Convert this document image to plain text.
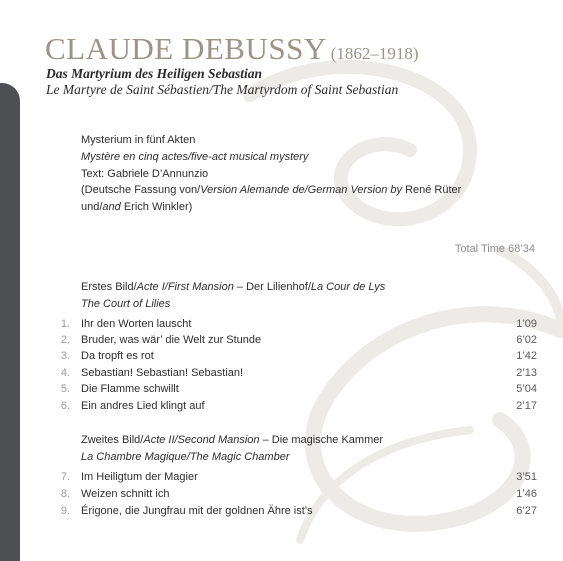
CLAUDE DEBUSSY (1862–1918)
Das Martyrium des Heiligen Sebastian
Le Martyre de Saint Sébastien/The Martyrdom of Saint Sebastian
Mysterium in fünf Akten
Mystère en cinq actes/five-act musical mystery
Text: Gabriele D’Annunzio
(Deutsche Fassung von/Version Alemande de/German Version by René Rüter
und/and Erich Winkler)
Total Time 68’34
Erstes Bild/Acte I/First Mansion – Der Lilienhof/La Cour de Lys
The Court of Lilies
1. Ihr den Worten lauscht	1’09
2. Bruder, was wär’ die Welt zur Stunde	6’02
3. Da tropft es rot	1’42
4. Sebastian! Sebastian! Sebastian!	2’13
5. Die Flamme schwillt	5’04
6. Ein andres Lied klingt auf	2’17
Zweites Bild/Acte II/Second Mansion – Die magische Kammer
La Chambre Magique/The Magic Chamber
7. Im Heiligtum der Magier	3’51
8. Weizen schnitt ich	1’46
9. Érigone, die Jungfrau mit der goldnen Ähre ist’s	6’27
